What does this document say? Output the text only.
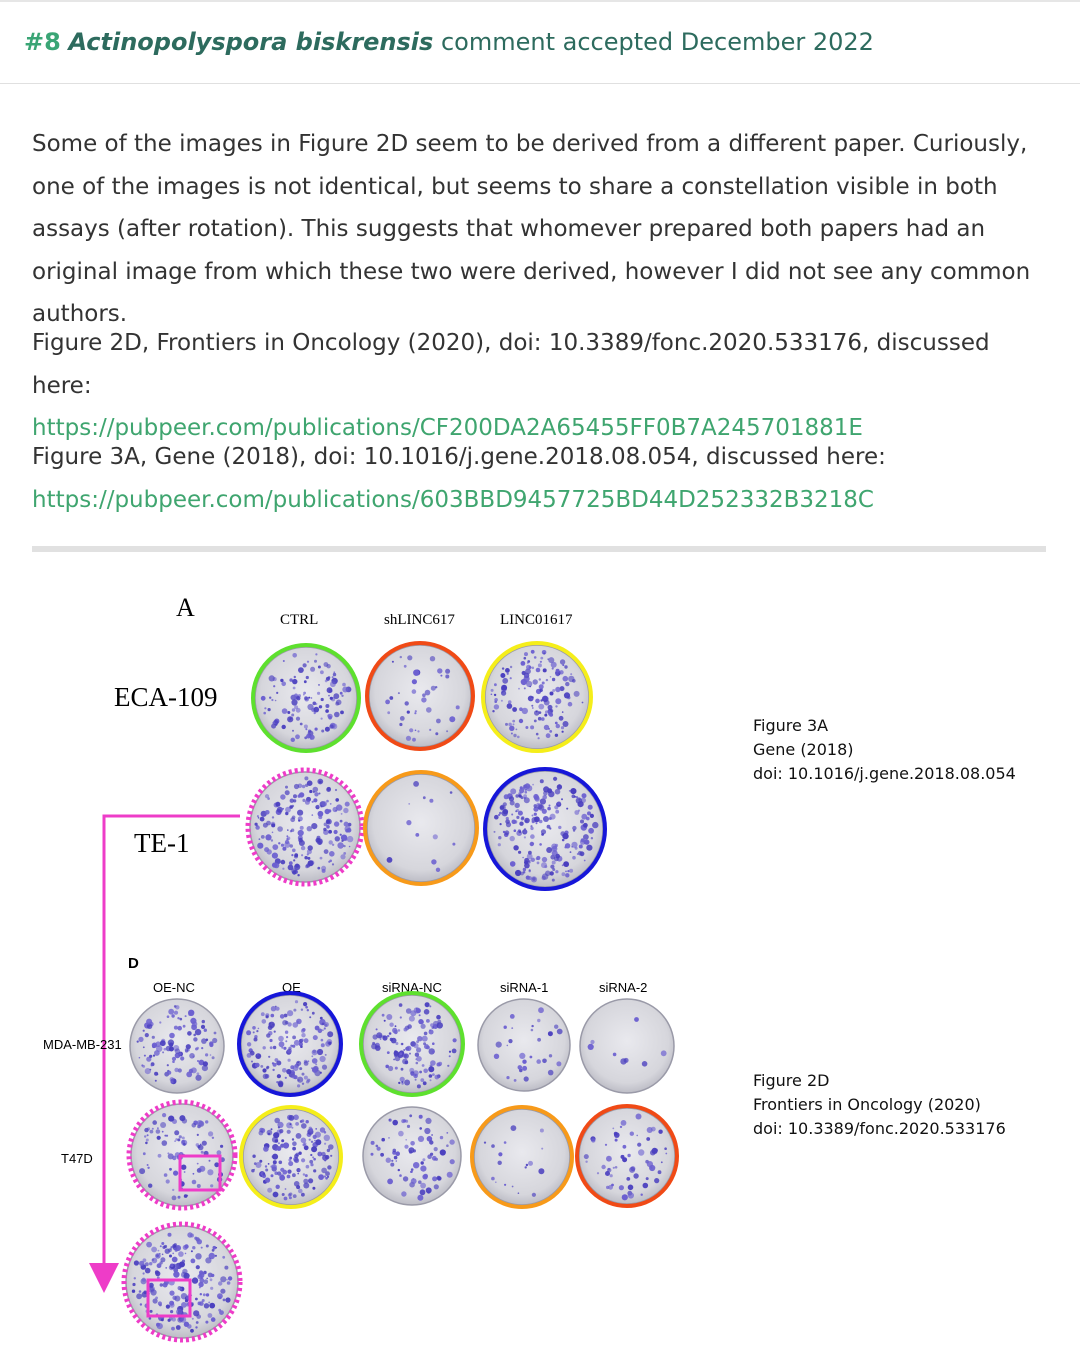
#8 Actinopolyspora biskrensis comment accepted December 2022
Some of the images in Figure 2D seem to be derived from a different paper. Curiously, one of the images is not identical, but seems to share a constellation visible in both assays (after rotation). This suggests that whomever prepared both papers had an original image from which these two were derived, however I did not see any common authors.
Figure 2D, Frontiers in Oncology (2020), doi: 10.3389/fonc.2020.533176, discussed here:
https://pubpeer.com/publications/CF200DA2A65455FF0B7A245701881E
Figure 3A, Gene (2018), doi: 10.1016/j.gene.2018.08.054, discussed here:
https://pubpeer.com/publications/603BBD9457725BD44D252332B3218C
A	CTRL	shLINC617	LINC01617
ECA-109
TE-1
D
OE-NC	OE	siRNA-NC	siRNA-1	siRNA-2
MDA-MB-231
T47D
Figure 3A
Gene (2018)
doi: 10.1016/j.gene.2018.08.054
Figure 2D
Frontiers in Oncology (2020)
doi: 10.3389/fonc.2020.533176
